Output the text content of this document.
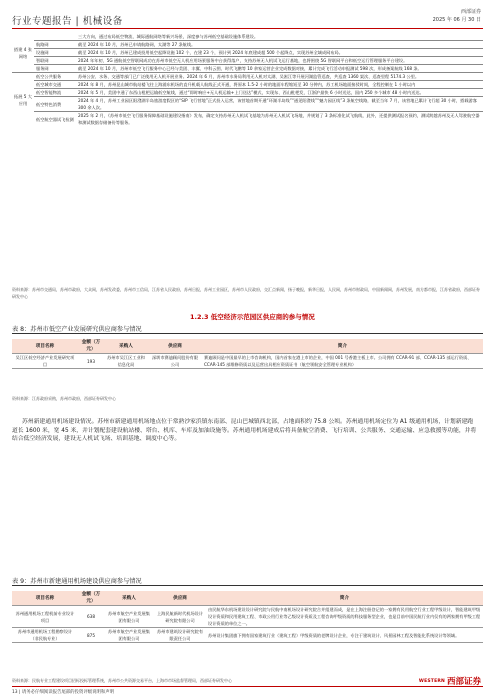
行业专题报告 | 机械设备
西部证券
2025 年 06 月 30 日
搭建 4 张网络		三大方向，通过布局低空物流、城际通航网络等新兴场景，深度参与苏州低空基础设施体系建设。
	航路网	截至 2024 年 10 月，苏州已申请航路网，太湖等 27 条航线。
	设施网	截至 2024 年 10 月，苏州已建成投用低空起降设施 102 个，在建 23 个，预计到 2024 年底建成超 500 个起降点，实现苏州全域成网布局。
	智联网	2024 年年初，5G 通航低空智联网成功在苏州市低空无人机应用场景服务中台获得落户，支持苏州无人机试飞运行基地，也将围绕 5G 智联网平台和低空运行管理服务平台建设。
	服务网	截至 2024 年 10 月，苏州市低空飞行服务中心已经与美团、丰翼、中科云图、时代飞鹏等 10 余家运营企业完成数据对接，累计完成飞行活动申报测试 598 次，形成备案航线 168 条。
拓展 5 大应用	低空公共服务	苏州公安、水务、交通等部门已广泛使用无人机开展业务。2024 年 6 月，苏州市水务局利用无人机对太湖、吴淞江等开展河湖监管巡查，共巡查 1360 架次、巡查里程 5174.3 公里。
	低空城市交通	2024 年 8 月，苏州昆山城市航站楼飞往上海浦东机场的直升机载人航线正式开通，将原本 1.5-2 小时的地面车程缩短至 30 分钟内，苏工机场地面接驳时间，全程控制在 1 小时以内
	低空智能物流	2024 年 5 月，美团中通了东西山枇杷运输低空航线，通过“即时响应+无人机运输+上门送达”模式，实现东、西山枇杷发，江浙沪最快 6 小时送达，国内 250 多个城市 48 小时内送达。
	低空特色消费	2024 年 4 月，苏州工业园区阳澄湖半岛旅游度假区的“SIP 飞行营地”正式投入运营，该营地首期开通“环湖半岛线”“通见阳澄线”“魅力园区线”3 条航空线路，截至当年 7 月，该营地已累计飞行超 30 小时，搭载游客 300 余人次。
	低空航空器试飞检测	2025 年 2 月，《苏州市低空飞行服务保障基础设施建设指南》发布，确定支持苏州无人机试飞基地为苏州无人机试飞场地，并规划了 3 条标准化试飞航线，此外，还提供测试报名预约，测试跨越苏州及无人驾驶航空器和测试数据存储备份等服务。
资料来源：苏州市交通局，苏州市政府，大众网，苏州发改委，苏州市工信局，江苏省人民政府，苏州日报，苏州工业园区，苏州市人民政府，交汇点新闻，扬子晚报，新华日报，人民网，苏州市财政局，中国新闻网，苏州发展，南方都市报，江苏省政府，西部证券研发中心
1.2.3 低空经济示范园区供应商的参与情况
表 8：苏州市低空产业发展研究供应商参与情况
项目名称	金额（万元）	采购人	供应商	简介
吴江区低空经济产业发展研究项目	193	苏州市吴江区工业和信息化局	深圳市赛迪顾问股份有限公司	赛迪顾问是中国最早的上市咨询机构，国内首家在港上市的企业，中国 001 号香港主板上市。公司拥有 CCAR-91 部、CCAR-135 部运行资质、CCAR-145 部维修资质以及运营出具相应资质证书（航空领航安全管理专业机构）
资料来源：江苏政府采购，苏州市政府，西部证券研发中心
苏州新建通用机场建设情况。苏州市新建通用机场地点位于常熟沙家浜镇东南部、昆山巴城镇西北部，占地面积约 75.8 公顷。苏州通用机场定位为 A1 级通用机场，计划新建跑道长 1600 米，宽 45 米，并计划配套建设航站楼、塔台、机库、车库及加油设施等。苏州通用机场建成后将具备航空消费、飞行培训、公共服务、交通运输、应急救援等功能，并将结合低空经济发展，建设无人机试飞场、培训基地、调度中心等。
表 9：苏州市新建通用机场建设供应商参与情况
项目名称	金额（万元）	采购人	供应商	简介
苏州通用机场工程机前专业设计项目	638	苏州市航空产业发展集团有限公司	上海民航新时代机场设计研究院有限公司	由民航华东机场建设设计研究院与民航中南机场设计研究院合并组建而成，是在上海注册登记的一家拥有民用航空行业工程甲级设计，智能建筑甲级设计资质和民用建筑工程、市政公用行业等乙级设计资质及工程咨询甲级资质的科技服务型企业，也是目前中国民航行业内仅有的两家拥有甲级工程设计资质的单位之一。
苏州市通用机场工程勘察设计（非民航专业）	875	苏州市航空产业发展集团有限公司	苏州市建筑设计研究院有限责任公司	苏州设计集团旗下拥有国家建筑行业（建筑工程）甲级资质的老牌设计企业，专注于建筑设计、风景园林工程及智能化系统设计等领域。
资料来源：民航专业工程建设项目招标投标管理系统，苏州市公共资源交易平台，上海市市场监督管理局，西部证券研发中心
13 | 请务必仔细阅读报告尾部的投资评级说明和声明
WESTERN 西部证券
